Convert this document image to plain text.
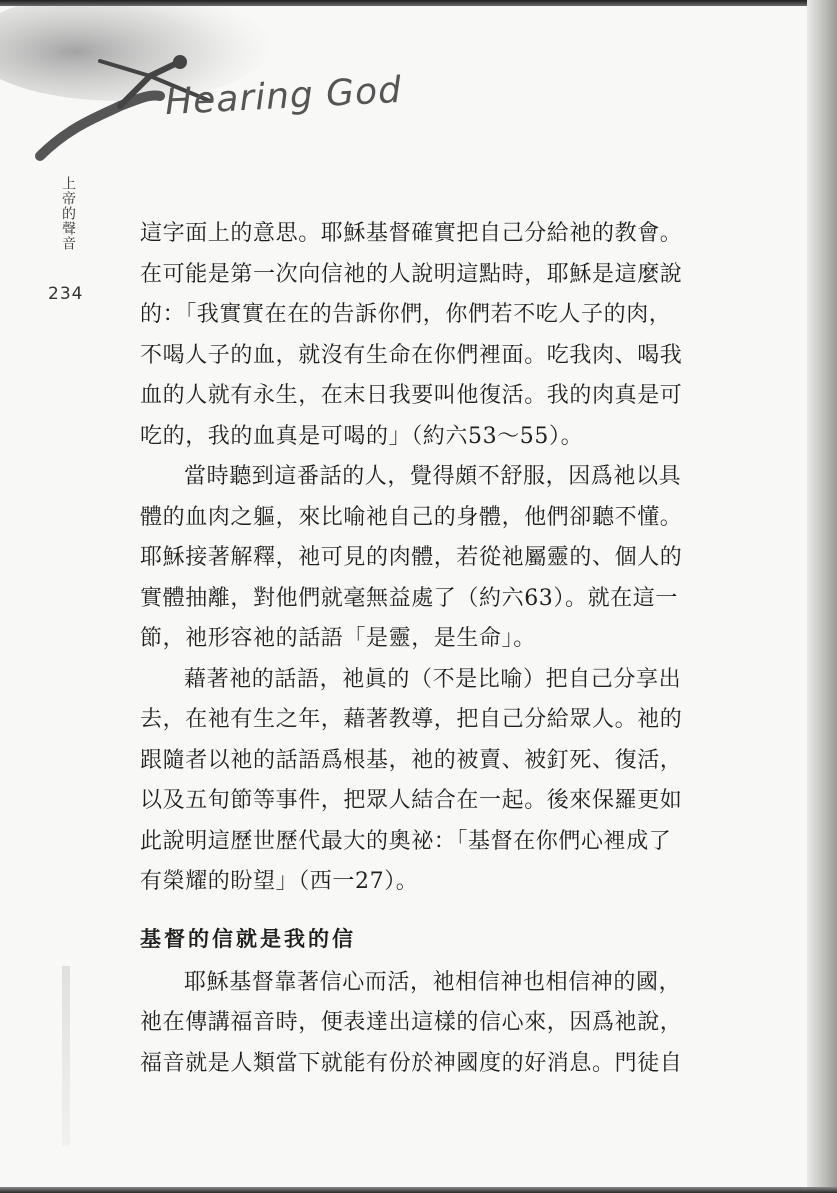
Hearing God
上帝的聲音
234

這字面上的意思。耶穌基督確實把自己分給祂的教會。
在可能是第一次向信祂的人說明這點時，耶穌是這麼說
的：「我實實在在的告訴你們，你們若不吃人子的肉，
不喝人子的血，就沒有生命在你們裡面。吃我肉、喝我
血的人就有永生，在末日我要叫他復活。我的肉真是可
吃的，我的血真是可喝的」（約六53～55）。

當時聽到這番話的人，覺得頗不舒服，因爲祂以具
體的血肉之軀，來比喻祂自己的身體，他們卻聽不懂。
耶穌接著解釋，祂可見的肉體，若從祂屬靈的、個人的
實體抽離，對他們就毫無益處了（約六63）。就在這一
節，祂形容祂的話語「是靈，是生命」。

藉著祂的話語，祂眞的（不是比喻）把自己分享出
去，在祂有生之年，藉著教導，把自己分給眾人。祂的
跟隨者以祂的話語爲根基，祂的被賣、被釘死、復活，
以及五旬節等事件，把眾人結合在一起。後來保羅更如
此說明這歷世歷代最大的奧祕：「基督在你們心裡成了
有榮耀的盼望」（西一27）。

基督的信就是我的信

耶穌基督靠著信心而活，祂相信神也相信神的國，
祂在傳講福音時，便表達出這樣的信心來，因爲祂說，
福音就是人類當下就能有份於神國度的好消息。門徒自
